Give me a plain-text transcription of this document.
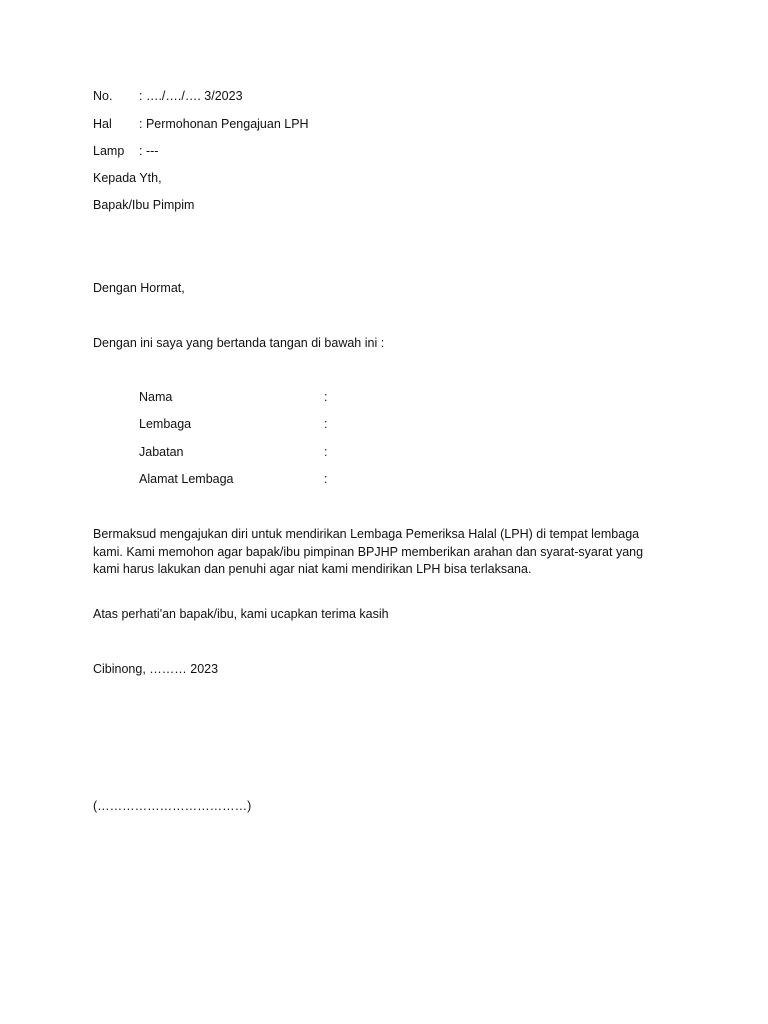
No. : …./…./…. 3/2023
Hal : Permohonan Pengajuan LPH
Lamp : ---
Kepada Yth,
Bapak/Ibu Pimpim
Dengan Hormat,
Dengan ini saya yang bertanda tangan di bawah ini :
Nama	:
Lembaga	:
Jabatan	:
Alamat Lembaga	:
Bermaksud mengajukan diri untuk mendirikan Lembaga Pemeriksa Halal (LPH) di tempat lembaga
kami. Kami memohon agar bapak/ibu pimpinan BPJHP memberikan arahan dan syarat-syarat yang
kami harus lakukan dan penuhi agar niat kami mendirikan LPH bisa terlaksana.
Atas perhati'an bapak/ibu, kami ucapkan terima kasih
Cibinong, ……… 2023
(………………………………)
